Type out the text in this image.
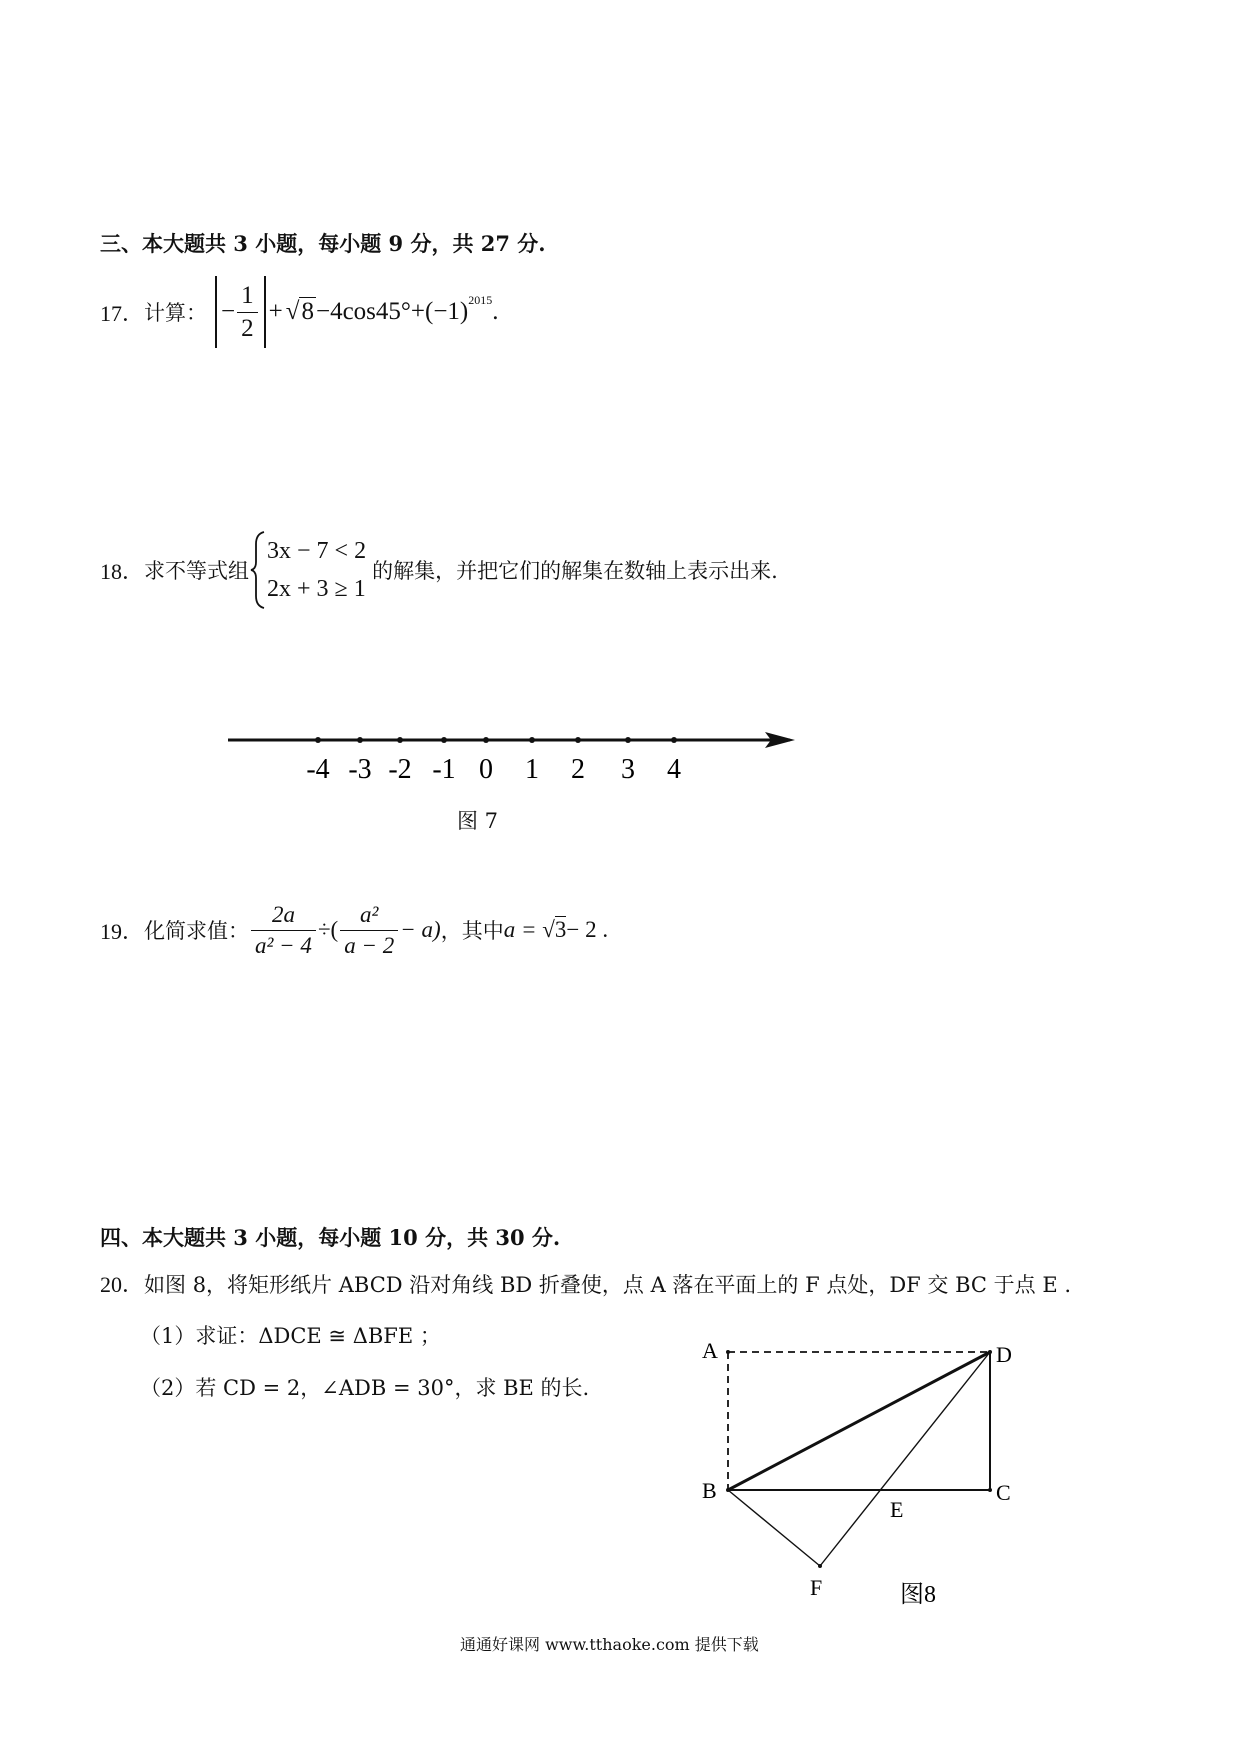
三、本大题共 3 小题，每小题 9 分，共 27 分.
17． 计算： − $\frac{1}{2} + √8 -4\cos 45^\circ+(-1)^{2015}$ .
18． 求不等式组
3x − 7 < 2
2x + 3 ≥ 1
的解集，并把它们的解集在数轴上表示出来.
-4 -3 -2 -1 0 1 2 3 4
图 7
19． 化简求值： $\frac{2a}{\text{a² − 4}}$ ÷( $\frac{\text{a²}}{a - 2} - a$) ，其中 a = √3− 2 .
四、本大题共 3 小题，每小题 10 分，共 30 分.
20．如图 8，将矩形纸片 ABCD 沿对角线 BD 折叠使，点 A 落在平面上的 F 点处，DF 交 BC 于点 E .
（1）求证：ΔDCE ≅ ΔBFE ；
（2）若 CD = 2，∠ADB = 30°，求 BE 的长.
A	D
B	C
E
F	图8
通通好课网 www.tthaoke.com 提供下载
